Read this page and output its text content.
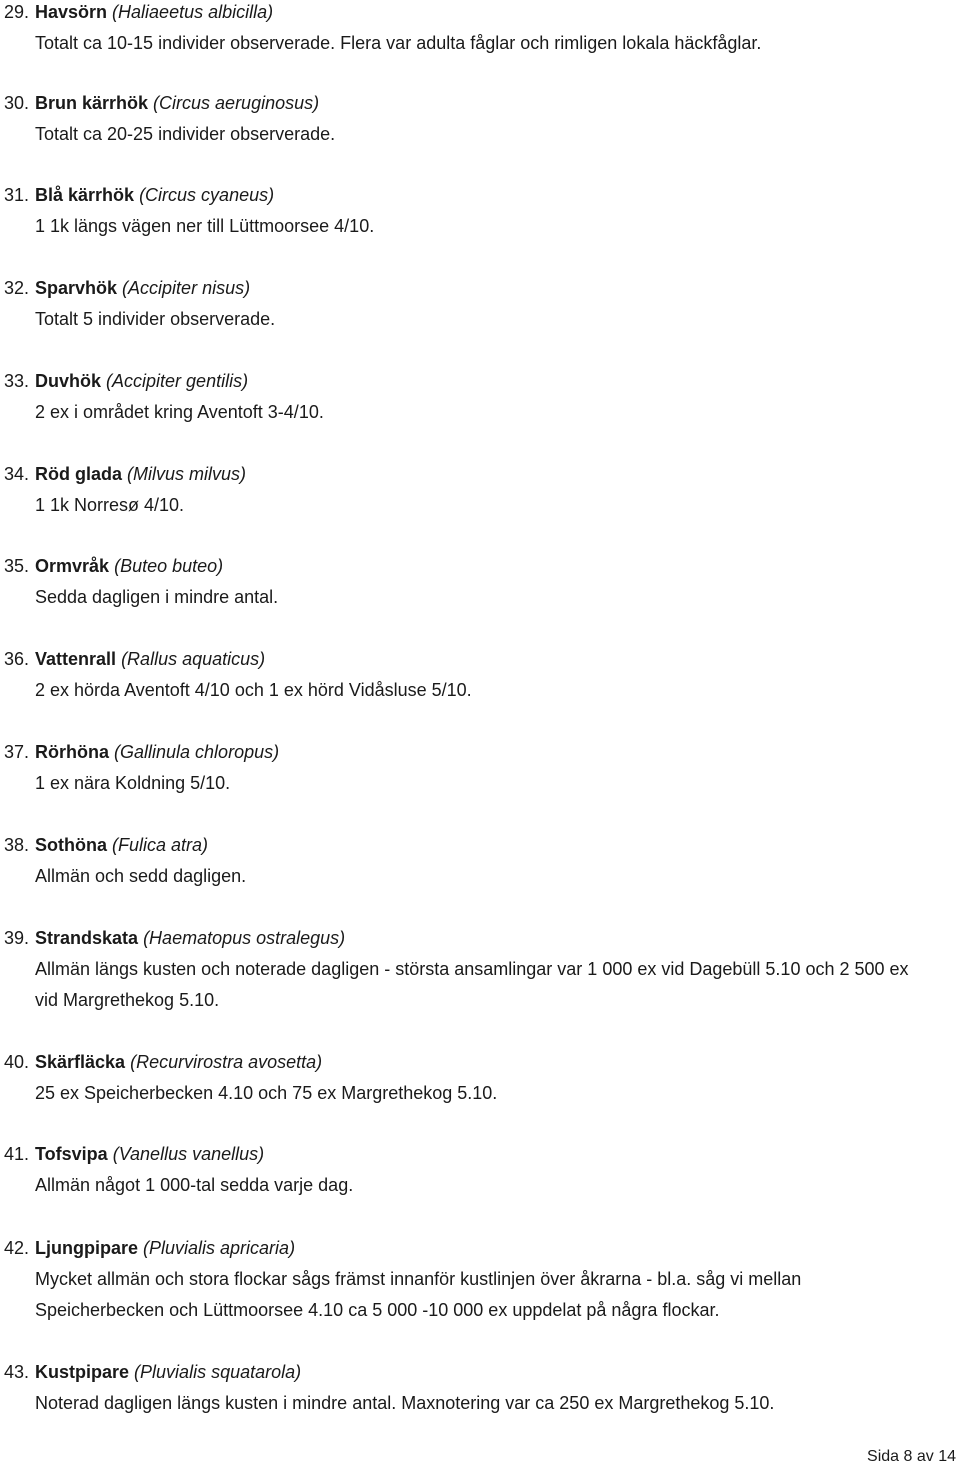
29. Havsörn (Haliaeetus albicilla)
Totalt ca 10-15 individer observerade. Flera var adulta fåglar och rimligen lokala häckfåglar.
30. Brun kärrhök (Circus aeruginosus)
Totalt ca 20-25 individer observerade.
31. Blå kärrhök (Circus cyaneus)
1 1k längs vägen ner till Lüttmoorsee 4/10.
32. Sparvhök (Accipiter nisus)
Totalt 5 individer observerade.
33. Duvhök (Accipiter gentilis)
2 ex i området kring Aventoft 3-4/10.
34. Röd glada (Milvus milvus)
1 1k Norresø 4/10.
35. Ormvråk (Buteo buteo)
Sedda dagligen i mindre antal.
36. Vattenrall (Rallus aquaticus)
2 ex hörda Aventoft 4/10 och 1 ex hörd Vidåsluse 5/10.
37. Rörhöna (Gallinula chloropus)
1 ex nära Koldning 5/10.
38. Sothöna (Fulica atra)
Allmän och sedd dagligen.
39. Strandskata (Haematopus ostralegus)
Allmän längs kusten och noterade dagligen - största ansamlingar var 1 000 ex vid Dagebüll 5.10 och 2 500 ex vid Margrethekog 5.10.
40. Skärfläcka (Recurvirostra avosetta)
25 ex Speicherbecken 4.10 och 75 ex Margrethekog 5.10.
41. Tofsvipa (Vanellus vanellus)
Allmän något 1 000-tal sedda varje dag.
42. Ljungpipare (Pluvialis apricaria)
Mycket allmän och stora flockar sågs främst innanför kustlinjen över åkrarna - bl.a. såg vi mellan Speicherbecken och Lüttmoorsee 4.10 ca 5 000 -10 000 ex uppdelat på några flockar.
43. Kustpipare (Pluvialis squatarola)
Noterad dagligen längs kusten i mindre antal. Maxnotering var ca 250 ex Margrethekog 5.10.
Sida 8 av 14
